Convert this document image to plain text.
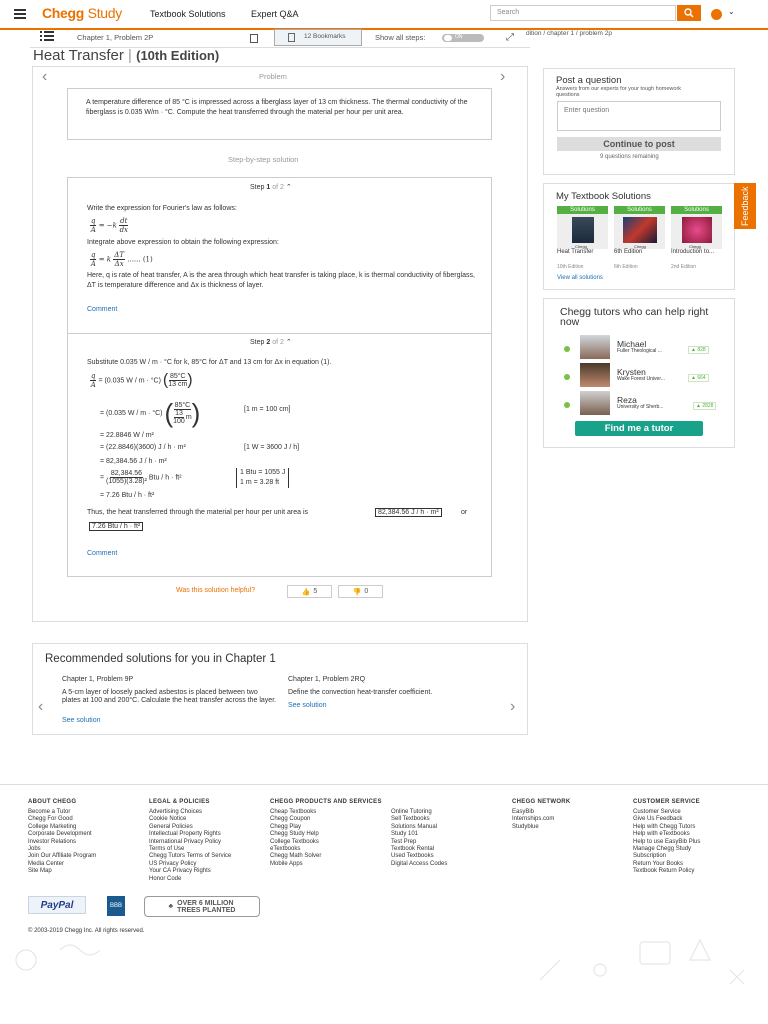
Chegg Study	Textbook Solutions	Expert Q&A	Search	⌄
Chapter 1, Problem 2P	12 Bookmarks	Show all steps:	ON	⤢ dition / chapter 1 / problem 2p
Heat Transfer | (10th Edition)
‹	›
Problem
A temperature difference of 85 °C is impressed across a fiberglass layer of 13 cm thickness. The thermal conductivity of the fiberglass is 0.035 W/m · °C. Compute the heat transferred through the material per hour per unit area.
Step-by-step solution
Step 1 of 2 ⌃
Write the expression for Fourier's law as follows:
$\frac{q}{A} = -k \frac{dt}{dx}$
Integrate above expression to obtain the following expression:
$\frac{q}{A} = k \frac{\Delta T}{\Delta x}$ ...... (1)
Here, q is rate of heat transfer, A is the area through which heat transfer is taking place, k is thermal conductivity of fiberglass, ΔT is temperature difference and Δx is thickness of layer.
Comment
Step 2 of 2 ⌃
Substitute 0.035 W / m · °C for k, 85°C for ΔT and 13 cm for Δx in equation (1).
$\frac{q}{A} = (0.035$ W / m · °C) ( $\frac{85^\circ C}{13 cm}$ )
= (0.035 W / m · °C) ( $\frac{85^\circ C}{\frac{13}{100} m}$ )	[1 m = 100 cm]
= 22.8846 W / m²
= (22.8846)(3600) J / h · m²	[1 W = 3600 J / h]
= 82,384.56 J / h · m²
= $\frac{82,384.56}{\text{(1055)(3.28)²}}$ Btu / h · ft²
1 Btu = 1055 J
1 m = 3.28 ft
= 7.26 Btu / h · ft²
Thus, the heat transferred through the material per hour per unit area is	82,384.56 J / h · m²	or
7.26 Btu / h · ft²
Comment
Was this solution helpful?	👍 5	👎 0
Recommended solutions for you in Chapter 1
‹	›
Chapter 1, Problem 9P
A 5-cm layer of loosely packed asbestos is placed between two plates at 100 and 200°C. Calculate the heat transfer across the layer.
See solution
Chapter 1, Problem 2RQ
Define the convection heat-transfer coefficient.
See solution
Post a question
Answers from our experts for your tough homework questions
Enter question
Continue to post
9 questions remaining
My Textbook Solutions
Solutions
Chegg
Heat Transfer
10th Edition
Solutions
Chegg
6th Edition
6th Edition
Solutions
Chegg
Introduction to...
2nd Edition
View all solutions
Chegg tutors who can help right now
Michael
Fuller Theological ...	▲ 828
Krysten
Wake Forest Univer...	▲ 664
Reza
University of Sherb...	▲ 2828
Find me a tutor
Feedback
ABOUT CHEGG
Become a Tutor
Chegg For Good
College Marketing
Corporate Development
Investor Relations
Jobs
Join Our Affiliate Program
Media Center
Site Map
LEGAL & POLICIES
Advertising Choices
Cookie Notice
General Policies
Intellectual Property Rights
International Privacy Policy
Terms of Use
Chegg Tutors Terms of Service
US Privacy Policy
Your CA Privacy Rights
Honor Code
CHEGG PRODUCTS AND SERVICES
Cheap Textbooks
Chegg Coupon
Chegg Play
Chegg Study Help
College Textbooks
eTextbooks
Chegg Math Solver
Mobile Apps
Online Tutoring
Sell Textbooks
Solutions Manual
Study 101
Test Prep
Textbook Rental
Used Textbooks
Digital Access Codes
CHEGG NETWORK
EasyBib
Internships.com
Studyblue
CUSTOMER SERVICE
Customer Service
Give Us Feedback
Help with Chegg Tutors
Help with eTextbooks
Help to use EasyBib Plus
Manage Chegg Study Subscription
Return Your Books
Textbook Return Policy
PayPal	BBB	♣ OVER 6 MILLION
TREES PLANTED
© 2003-2019 Chegg Inc. All rights reserved.
